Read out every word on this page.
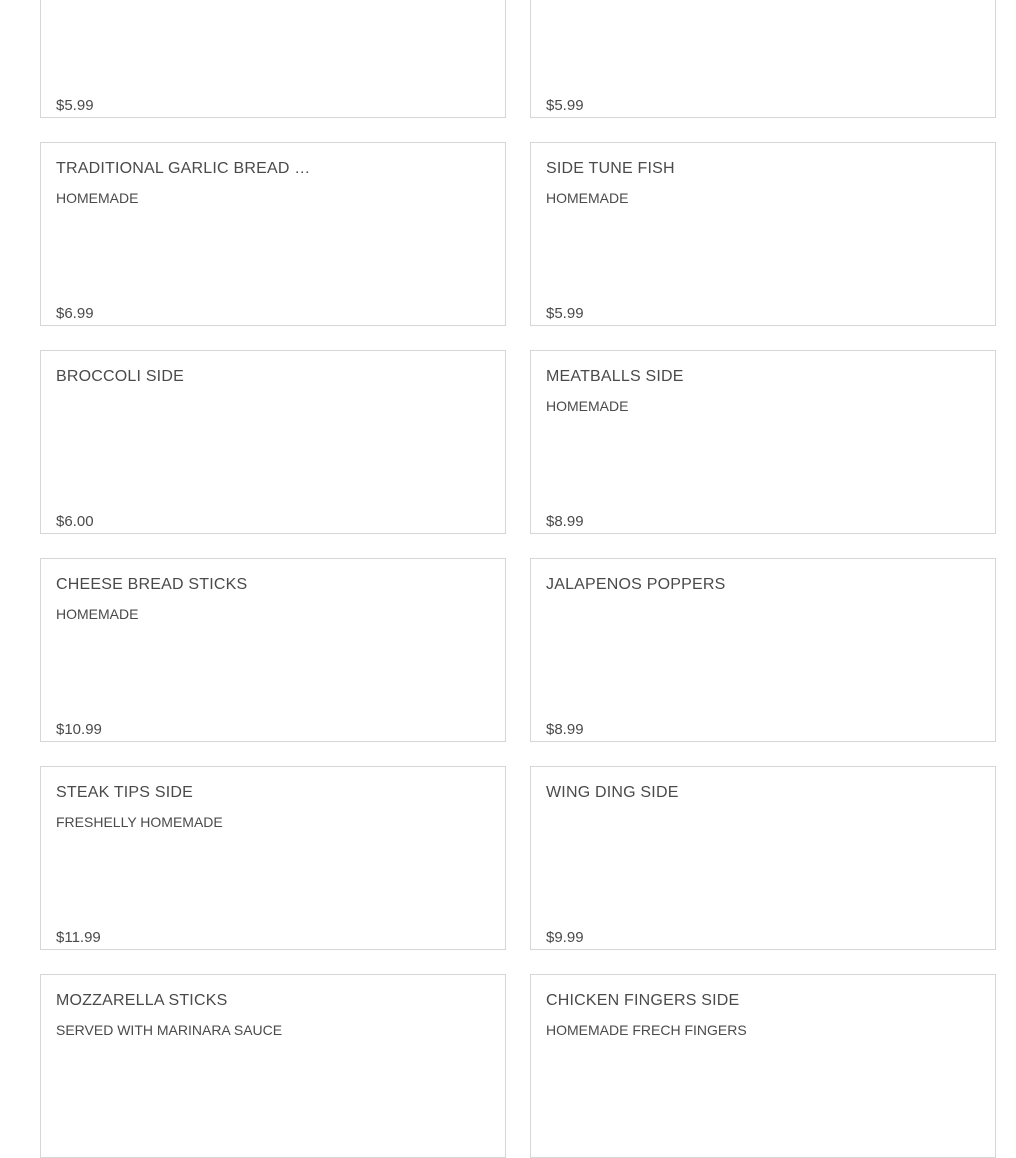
$5.99	$5.99
TRADITIONAL GARLIC BREAD …
HOMEMADE
$6.99
SIDE TUNE FISH
HOMEMADE
$5.99
BROCCOLI SIDE
$6.00
MEATBALLS SIDE
HOMEMADE
$8.99
CHEESE BREAD STICKS
HOMEMADE
$10.99
JALAPENOS POPPERS
$8.99
STEAK TIPS SIDE
FRESHELLY HOMEMADE
$11.99
WING DING SIDE
$9.99
MOZZARELLA STICKS
SERVED WITH MARINARA SAUCE
CHICKEN FINGERS SIDE
HOMEMADE FRECH FINGERS
